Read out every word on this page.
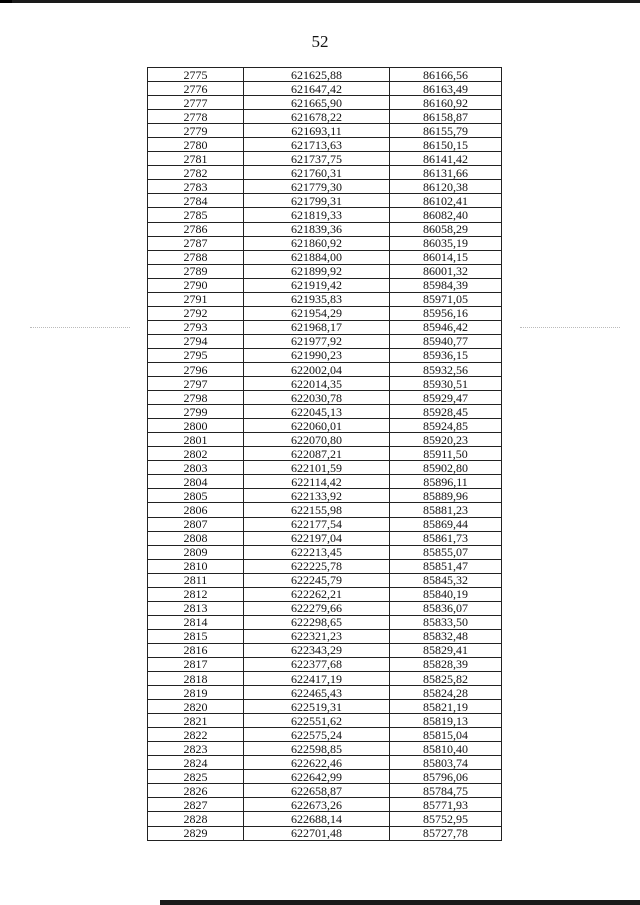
52
2775	621625,88	86166,56
2776	621647,42	86163,49
2777	621665,90	86160,92
2778	621678,22	86158,87
2779	621693,11	86155,79
2780	621713,63	86150,15
2781	621737,75	86141,42
2782	621760,31	86131,66
2783	621779,30	86120,38
2784	621799,31	86102,41
2785	621819,33	86082,40
2786	621839,36	86058,29
2787	621860,92	86035,19
2788	621884,00	86014,15
2789	621899,92	86001,32
2790	621919,42	85984,39
2791	621935,83	85971,05
2792	621954,29	85956,16
2793	621968,17	85946,42
2794	621977,92	85940,77
2795	621990,23	85936,15
2796	622002,04	85932,56
2797	622014,35	85930,51
2798	622030,78	85929,47
2799	622045,13	85928,45
2800	622060,01	85924,85
2801	622070,80	85920,23
2802	622087,21	85911,50
2803	622101,59	85902,80
2804	622114,42	85896,11
2805	622133,92	85889,96
2806	622155,98	85881,23
2807	622177,54	85869,44
2808	622197,04	85861,73
2809	622213,45	85855,07
2810	622225,78	85851,47
2811	622245,79	85845,32
2812	622262,21	85840,19
2813	622279,66	85836,07
2814	622298,65	85833,50
2815	622321,23	85832,48
2816	622343,29	85829,41
2817	622377,68	85828,39
2818	622417,19	85825,82
2819	622465,43	85824,28
2820	622519,31	85821,19
2821	622551,62	85819,13
2822	622575,24	85815,04
2823	622598,85	85810,40
2824	622622,46	85803,74
2825	622642,99	85796,06
2826	622658,87	85784,75
2827	622673,26	85771,93
2828	622688,14	85752,95
2829	622701,48	85727,78
